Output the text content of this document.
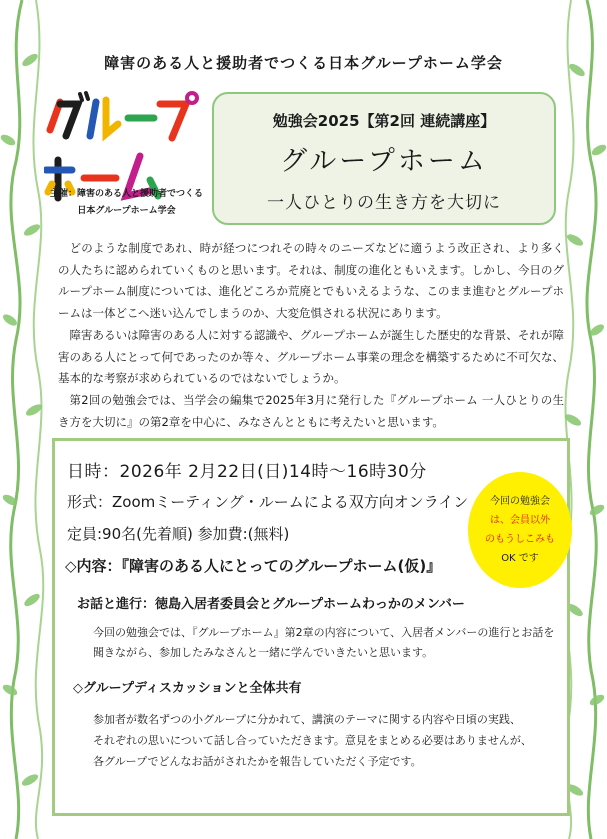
障害のある人と援助者でつくる日本グループホーム学会
主催：障害のある人と援助者でつくる
日本グループホーム学会
勉強会2025【第2回 連続講座】
グループホーム
一人ひとりの生き方を大切に

どのような制度であれ、時が経つにつれその時々のニーズなどに適うよう改正され、より多くの人たちに認められていくものと思います。それは、制度の進化ともいえます。しかし、今日のグループホーム制度については、進化どころか荒廃とでもいえるような、このまま進むとグループホームは一体どこへ迷い込んでしまうのか、大変危惧される状況にあります。

障害あるいは障害のある人に対する認識や、グループホームが誕生した歴史的な背景、それが障害のある人にとって何であったのか等々、グループホーム事業の理念を構築するために不可欠な、基本的な考察が求められているのではないでしょうか。

第2回の勉強会では、当学会の編集で2025年3月に発行した『グループホーム 一人ひとりの生き方を大切に』の第2章を中心に、みなさんとともに考えたいと思います。

日時：2026年 2月22日(日)14時～16時30分
形式：Zoomミーティング・ルームによる双方向オンライン
定員:90名(先着順) 参加費:(無料)
◇内容：『障害のある人にとってのグループホーム(仮)』
お話と進行：徳島入居者委員会とグループホームわっかのメンバー
今回の勉強会では、『グループホーム』第2章の内容について、入居者メンバーの進行とお話を聞きながら、参加したみなさんと一緒に学んでいきたいと思います。
◇グループディスカッションと全体共有
参加者が数名ずつの小グループに分かれて、講演のテーマに関する内容や日頃の実践、
それぞれの思いについて話し合っていただきます。意見をまとめる必要はありませんが、
各グループでどんなお話がされたかを報告していただく予定です。
今回の勉強会
は、会員以外
のもうしこみも
OK です
